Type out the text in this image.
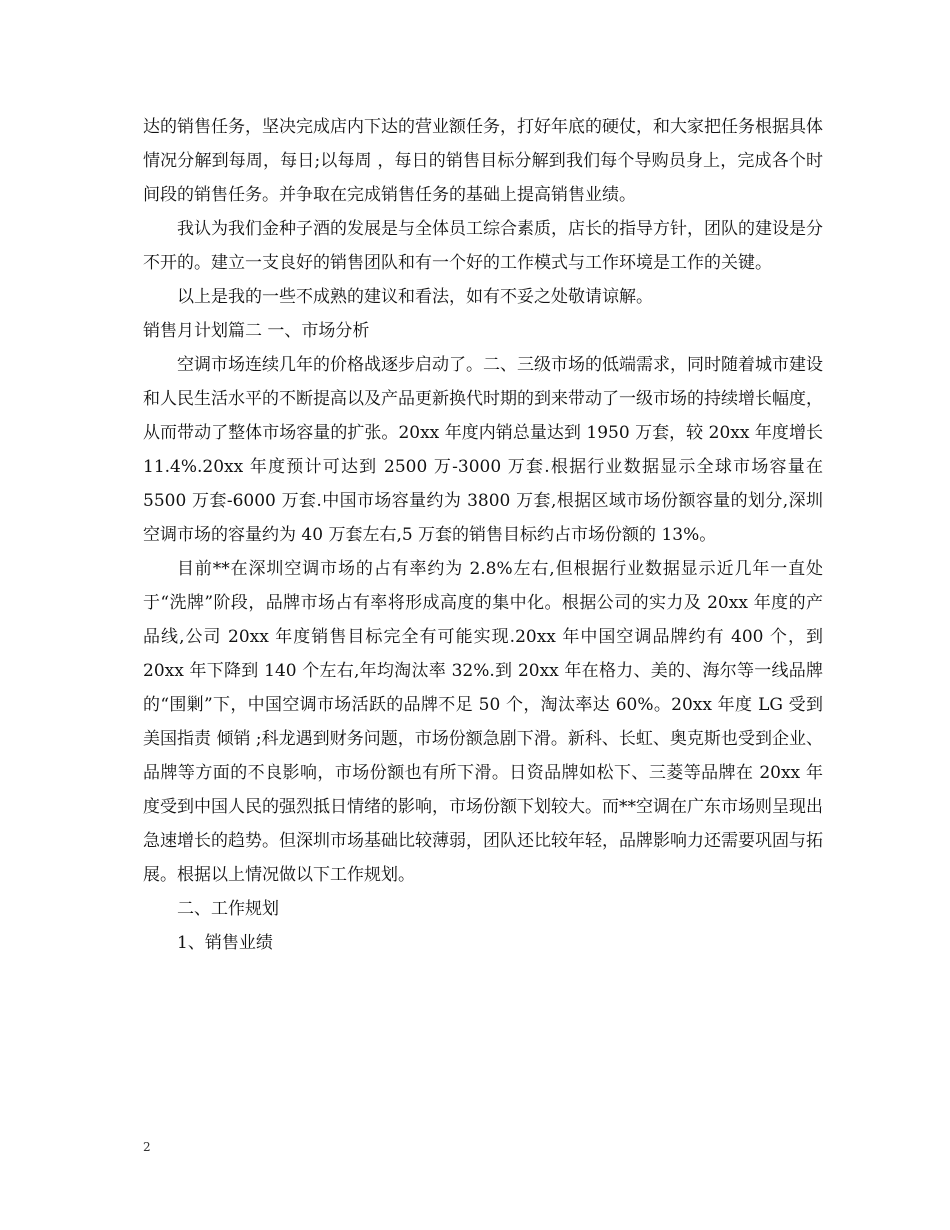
达的销售任务，坚决完成店内下达的营业额任务，打好年底的硬仗，和大家把任务根据具体情况分解到每周，每日;以每周 ，每日的销售目标分解到我们每个导购员身上，完成各个时间段的销售任务。并争取在完成销售任务的基础上提高销售业绩。

我认为我们金种子酒的发展是与全体员工综合素质，店长的指导方针，团队的建设是分不开的。建立一支良好的销售团队和有一个好的工作模式与工作环境是工作的关键。

以上是我的一些不成熟的建议和看法，如有不妥之处敬请谅解。

销售月计划篇二 一、市场分析

空调市场连续几年的价格战逐步启动了。二、三级市场的低端需求，同时随着城市建设和人民生活水平的不断提高以及产品更新换代时期的到来带动了一级市场的持续增长幅度，从而带动了整体市场容量的扩张。20xx 年度内销总量达到 1950 万套，较 20xx 年度增长 11.4%.20xx 年度预计可达到 2500 万-3000 万套.根据行业数据显示全球市场容量在 5500 万套-6000 万套.中国市场容量约为 3800 万套,根据区域市场份额容量的划分,深圳空调市场的容量约为 40 万套左右,5 万套的销售目标约占市场份额的 13%。

目前**在深圳空调市场的占有率约为 2.8%左右,但根据行业数据显示近几年一直处于“洗牌”阶段，品牌市场占有率将形成高度的集中化。根据公司的实力及 20xx 年度的产品线,公司 20xx 年度销售目标完全有可能实现.20xx 年中国空调品牌约有 400 个，到 20xx 年下降到 140 个左右,年均淘汰率 32%.到 20xx 年在格力、美的、海尔等一线品牌的“围剿”下，中国空调市场活跃的品牌不足 50 个，淘汰率达 60%。20xx 年度 LG 受到美国指责 倾销 ;科龙遇到财务问题，市场份额急剧下滑。新科、长虹、奥克斯也受到企业、品牌等方面的不良影响，市场份额也有所下滑。日资品牌如松下、三菱等品牌在 20xx 年度受到中国人民的强烈抵日情绪的影响，市场份额下划较大。而**空调在广东市场则呈现出急速增长的趋势。但深圳市场基础比较薄弱，团队还比较年轻，品牌影响力还需要巩固与拓展。根据以上情况做以下工作规划。

二、工作规划

1、销售业绩

2
